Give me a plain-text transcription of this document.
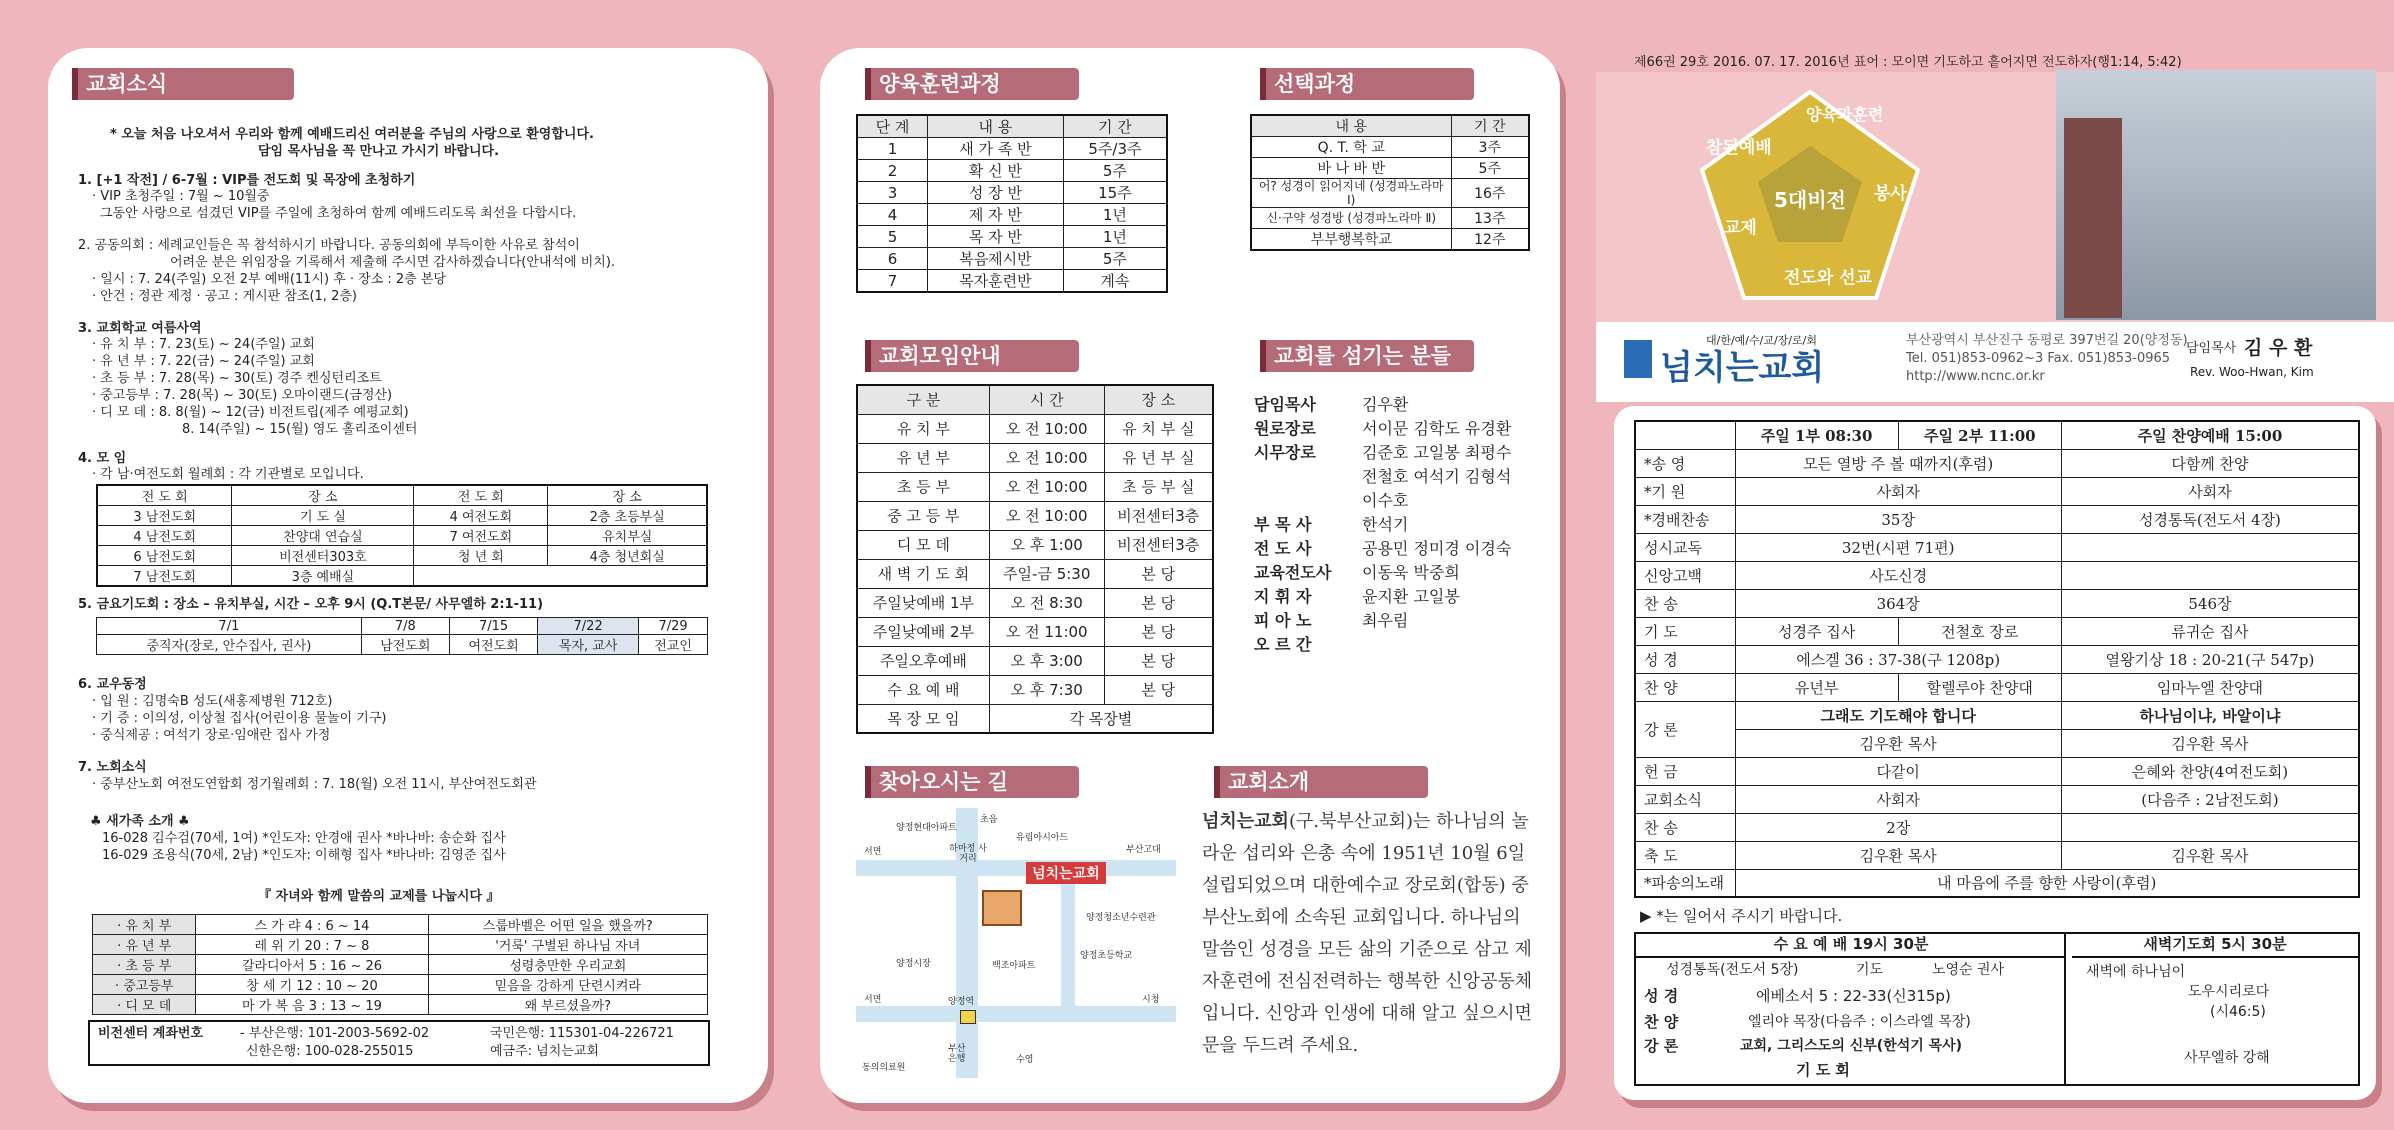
교회소식
* 오늘 처음 나오셔서 우리와 함께 예배드리신 여러분을 주님의 사랑으로 환영합니다.
담임 목사님을 꼭 만나고 가시기 바랍니다.
1. [+1 작전] / 6-7월 : VIP를 전도회 및 목장에 초청하기
· VIP 초청주일 : 7월 ~ 10월중
그동안 사랑으로 섬겼던 VIP를 주일에 초청하여 함께 예배드리도록 최선을 다합시다.
2. 공동의회 : 세례교인들은 꼭 참석하시기 바랍니다. 공동의회에 부득이한 사유로 참석이
어려운 분은 위임장을 기록해서 제출해 주시면 감사하겠습니다(안내석에 비치).
· 일시 : 7. 24(주일) 오전 2부 예배(11시) 후 · 장소 : 2층 본당
· 안건 : 정관 제정 · 공고 : 게시판 참조(1, 2층)
3. 교회학교 여름사역
· 유 치 부 : 7. 23(토) ~ 24(주일) 교회
· 유 년 부 : 7. 22(금) ~ 24(주일) 교회
· 초 등 부 : 7. 28(목) ~ 30(토) 경주 켄싱턴리조트
· 중고등부 : 7. 28(목) ~ 30(토) 오마이랜드(금정산)
· 디 모 데 : 8. 8(월) ~ 12(금) 비전트립(제주 예평교회)
8. 14(주일) ~ 15(월) 영도 홀리조이센터
4. 모 임
· 각 남·여전도회 월례회 : 각 기관별로 모입니다.
전 도 회	장 소	전 도 회	장 소
3 남전도회	기 도 실	4 여전도회	2층 초등부실
4 남전도회	찬양대 연습실	7 여전도회	유치부실
6 남전도회	비전센터303호	청 년 회	4층 청년회실
7 남전도회	3층 예배실		
5. 금요기도회 : 장소 – 유치부실, 시간 – 오후 9시 (Q.T본문/ 사무엘하 2:1-11)
7/1	7/8	7/15	7/22	7/29
중직자(장로, 안수집사, 권사)	남전도회	여전도회	목자, 교사	전교인
6. 교우동정
· 입 원 : 김명숙B 성도(새홍제병원 712호)
· 기 증 : 이의성, 이상철 집사(어린이용 물놀이 기구)
· 중식제공 : 여석기 장로·임애란 집사 가정
7. 노회소식
· 중부산노회 여전도연합회 정기월례회 : 7. 18(월) 오전 11시, 부산여전도회관
♣ 새가족 소개 ♣
16-028 김수검(70세, 1여) *인도자: 안경애 권사 *바나바: 송순화 집사
16-029 조용식(70세, 2남) *인도자: 이해형 집사 *바나바: 김영준 집사
『 자녀와 함께 말씀의 교제를 나눕시다 』
· 유 치 부	스 가 랴 4 : 6 ~ 14	스룹바벨은 어떤 일을 했을까?
· 유 년 부	레 위 기 20 : 7 ~ 8	'거룩' 구별된 하나님 자녀
· 초 등 부	갈라디아서 5 : 16 ~ 26	성령충만한 우리교회
· 중고등부	창 세 기 12 : 10 ~ 20	믿음을 강하게 단련시켜라
· 디 모 데	마 가 복 음 3 : 13 ~ 19	왜 부르셨을까?
비전센터 계좌번호	- 부산은행: 101-2003-5692-02	국민은행: 115301-04-226721
신한은행: 100-028-255015	예금주: 넘치는교회
양육훈련과정
단 계	내 용	기 간
1	새 가 족 반	5주/3주
2	확 신 반	5주
3	성 장 반	15주
4	제 자 반	1년
5	목 자 반	1년
6	복음제시반	5주
7	목자훈련반	계속
선택과정
내 용	기 간
Q. T. 학 교	3주
바 나 바 반	5주
어? 성경이 읽어지네 (성경파노라마 Ⅰ)	16주
신·구약 성경방 (성경파노라마 Ⅱ)	13주
부부행복학교	12주
교회모임안내
구 분	시 간	장 소
유 치 부	오 전 10:00	유 치 부 실
유 년 부	오 전 10:00	유 년 부 실
초 등 부	오 전 10:00	초 등 부 실
중 고 등 부	오 전 10:00	비전센터3층
디 모 데	오 후 1:00	비전센터3층
새 벽 기 도 회	주일-금 5:30	본 당
주일낮예배 1부	오 전 8:30	본 당
주일낮예배 2부	오 전 11:00	본 당
주일오후예배	오 후 3:00	본 당
수 요 예 배	오 후 7:30	본 당
목 장 모 임	각 목장별	
교회를 섬기는 분들
담임목사	김우환
원로장로	서이문 김학도 유경환
시무장로	김준호 고일봉 최평수
전철호 여석기 김형석
이수호
부 목 사	한석기
전 도 사	공용민 정미경 이경숙
교육전도사 이동욱 박중희
지 휘 자	윤지환 고일봉
피 아 노	최우림
오 르 간
찾아오시는 길
넘치는교회
양정현대아파트
초읍
하마정 사거리
유림아시아드
부산고대
서면
양정청소년수련관
양정시장	백조아파트
양정초등학교
서면	양정역	시청
동의의료원
부산 은행	수영
교회소개
넘치는교회(구.북부산교회)는 하나님의 놀라운 섭리와 은총 속에 1951년 10월 6일 설립되었으며 대한예수교 장로회(합동) 중부산노회에 소속된 교회입니다. 하나님의 말씀인 성경을 모든 삶의 기준으로 삼고 제자훈련에 전심전력하는 행복한 신앙공동체입니다. 신앙과 인생에 대해 알고 싶으시면 문을 두드려 주세요.
제66권 29호 2016. 07. 17. 2016년 표어 : 모이면 기도하고 흩어지면 전도하자(행1:14, 5:42)
5대비전
양육과훈련
봉사
전도와 선교
교제
참된예배
대/한/예/수/교/장/로/회
넘치는교회
부산광역시 부산진구 동평로 397번길 20(양정동)
Tel. 051)853-0962~3 Fax. 051)853-0965
http://www.ncnc.or.kr
담임목사 김 우 환
Rev. Woo-Hwan, Kim
	주일 1부 08:30	주일 2부 11:00	주일 찬양예배 15:00
*송 영	모든 열방 주 볼 때까지(후렴)		다함께 찬양
*기 원	사회자		사회자
*경배찬송	35장		성경통독(전도서 4장)
성시교독	32번(시편 71편)		
신앙고백	사도신경		
찬 송	364장		546장
기 도	성경주 집사	전철호 장로	류귀순 집사
성 경	에스겔 36 : 37-38(구 1208p)		열왕기상 18 : 20-21(구 547p)
찬 양	유년부	할렐루야 찬양대	임마누엘 찬양대
강 론	그래도 기도해야 합니다		하나님이냐, 바알이냐
	김우환 목사		김우환 목사
헌 금	다같이		은혜와 찬양(4여전도회)
교회소식	사회자		(다음주 : 2남전도회)
찬 송	2장		
축 도	김우환 목사		김우환 목사
*파송의노래	내 마음에 주를 향한 사랑이(후렴)		
▶ *는 일어서 주시기 바랍니다.
수 요 예 배 19시 30분
성경통독(전도서 5장)	기도	노영순 권사
성 경	에베소서 5 : 22-33(신315p)
찬 양	엘리야 목장(다음주 : 이스라엘 목장)
강 론	교회, 그리스도의 신부(한석기 목사)
기 도 회
새벽기도회 5시 30분
새벽에 하나님이
도우시리로다
(시46:5)
사무엘하 강해
